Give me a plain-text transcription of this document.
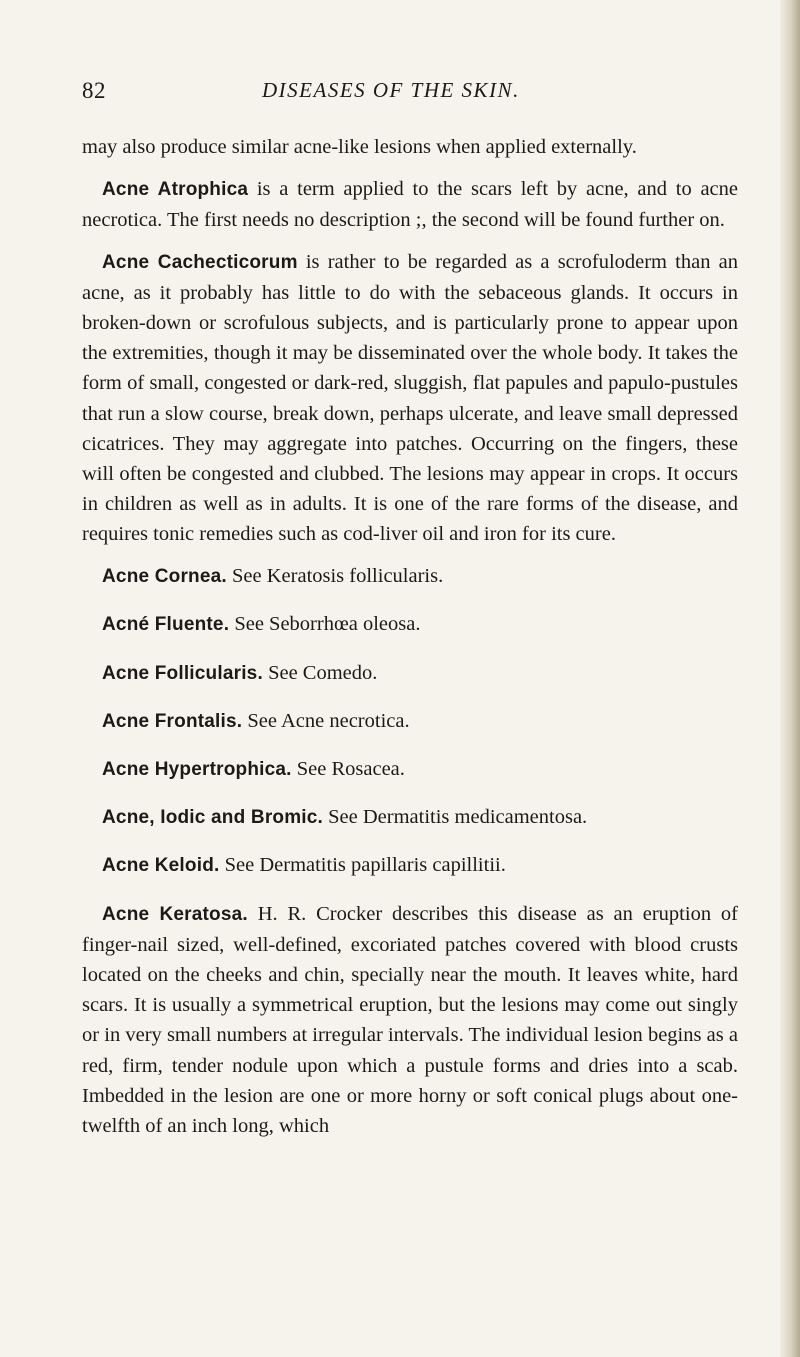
82	DISEASES OF THE SKIN.

may also produce similar acne-like lesions when applied externally.

Acne Atrophica is a term applied to the scars left by acne, and to acne necrotica. The first needs no description ;, the second will be found further on.

Acne Cachecticorum is rather to be regarded as a scrofuloderm than an acne, as it probably has little to do with the sebaceous glands. It occurs in broken-down or scrofulous subjects, and is particularly prone to appear upon the extremities, though it may be disseminated over the whole body. It takes the form of small, congested or dark-red, sluggish, flat papules and papulo-pustules that run a slow course, break down, perhaps ulcerate, and leave small depressed cicatrices. They may aggregate into patches. Occurring on the fingers, these will often be congested and clubbed. The lesions may appear in crops. It occurs in children as well as in adults. It is one of the rare forms of the disease, and requires tonic remedies such as cod-liver oil and iron for its cure.

Acne Cornea. See Keratosis follicularis.

Acné Fluente. See Seborrhœa oleosa.

Acne Follicularis. See Comedo.

Acne Frontalis. See Acne necrotica.

Acne Hypertrophica. See Rosacea.

Acne, Iodic and Bromic. See Dermatitis medicamentosa.

Acne Keloid. See Dermatitis papillaris capillitii.

Acne Keratosa. H. R. Crocker describes this disease as an eruption of finger-nail sized, well-defined, excoriated patches covered with blood crusts located on the cheeks and chin, specially near the mouth. It leaves white, hard scars. It is usually a symmetrical eruption, but the lesions may come out singly or in very small numbers at irregular intervals. The individual lesion begins as a red, firm, tender nodule upon which a pustule forms and dries into a scab. Imbedded in the lesion are one or more horny or soft conical plugs about one-twelfth of an inch long, which
